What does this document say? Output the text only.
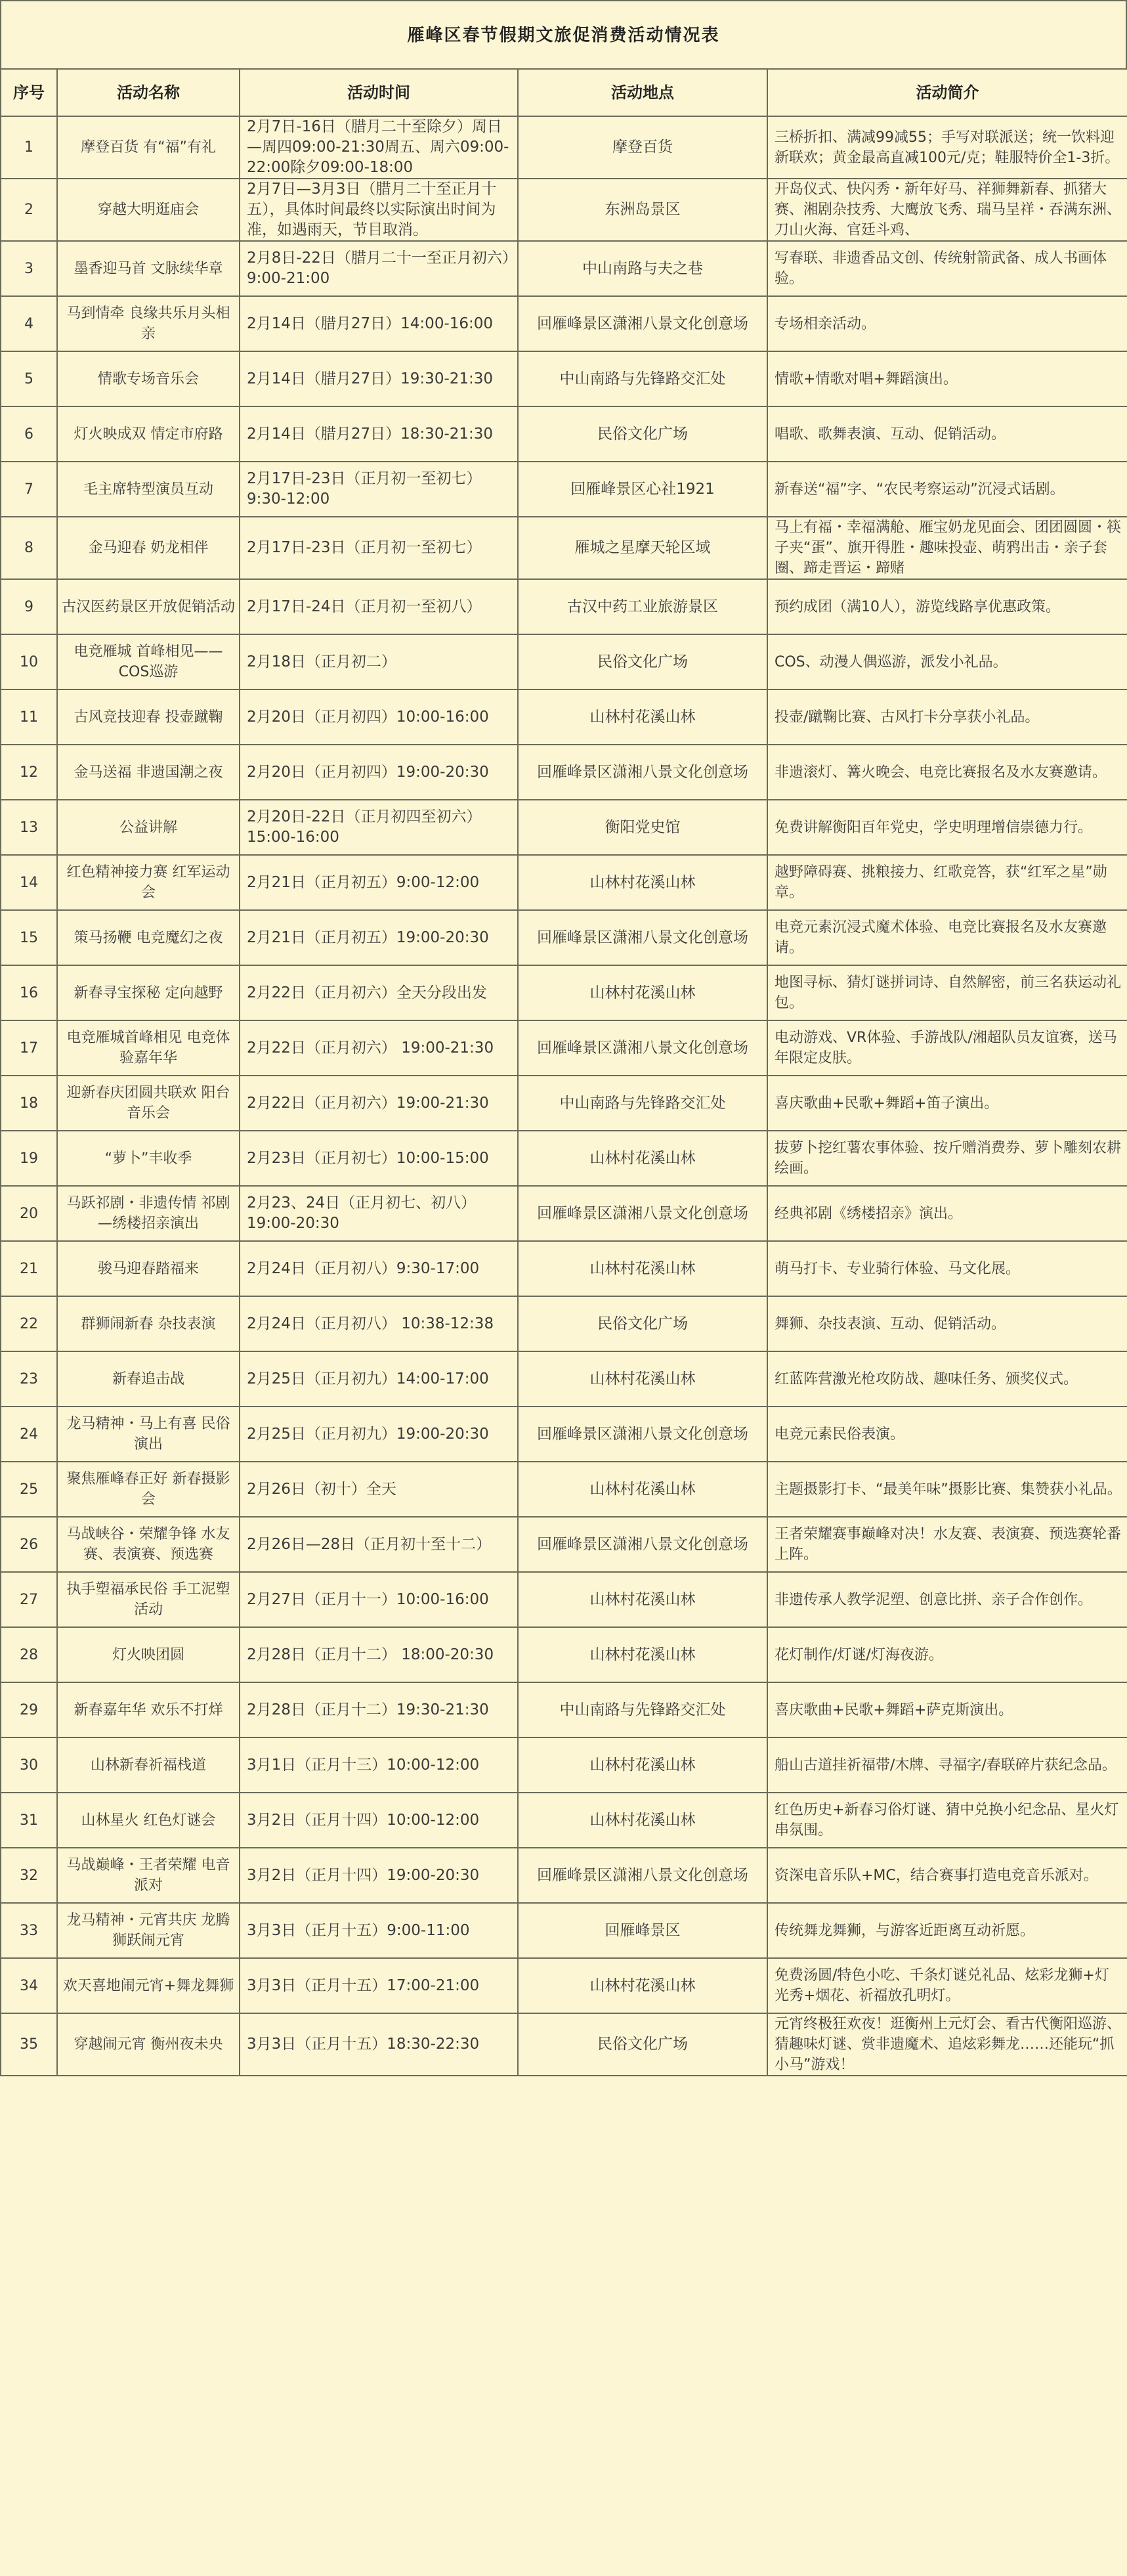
雁峰区春节假期文旅促消费活动情况表
序号	活动名称	活动时间	活动地点	活动简介
1	摩登百货 有“福”有礼	2月7日-16日（腊月二十至除夕）周日—周四09:00-21:30周五、周六09:00-22:00除夕09:00-18:00	摩登百货	三桥折扣、满减99减55；手写对联派送；统一饮料迎新联欢；黄金最高直减100元/克；鞋服特价全1-3折。
2	穿越大明逛庙会	2月7日—3月3日（腊月二十至正月十五），具体时间最终以实际演出时间为准，如遇雨天，节目取消。	东洲岛景区	开岛仪式、快闪秀・新年好马、祥狮舞新春、抓猪大赛、湘剧杂技秀、大鹰放飞秀、瑞马呈祥・吞满东洲、刀山火海、官廷斗鸡、
3	墨香迎马首 文脉续华章	2月8日-22日（腊月二十一至正月初六）9:00-21:00	中山南路与夫之巷	写春联、非遗香品文创、传统射箭武备、成人书画体验。
4	马到情牵 良缘共乐月头相亲	2月14日（腊月27日）14:00-16:00	回雁峰景区潇湘八景文化创意场	专场相亲活动。
5	情歌专场音乐会	2月14日（腊月27日）19:30-21:30	中山南路与先锋路交汇处	情歌+情歌对唱+舞蹈演出。
6	灯火映成双 情定市府路	2月14日（腊月27日）18:30-21:30	民俗文化广场	唱歌、歌舞表演、互动、促销活动。
7	毛主席特型演员互动	2月17日-23日（正月初一至初七）9:30-12:00	回雁峰景区心社1921	新春送“福”字、“农民考察运动”沉浸式话剧。
8	金马迎春 奶龙相伴	2月17日-23日（正月初一至初七）	雁城之星摩天轮区域	马上有福・幸福满舱、雁宝奶龙见面会、团团圆圆・筷子夹“蛋”、旗开得胜・趣味投壶、萌鸦出击・亲子套圈、蹄走晋运・蹄赌
9	古汉医药景区开放促销活动	2月17日-24日（正月初一至初八）	古汉中药工业旅游景区	预约成团（满10人），游览线路享优惠政策。
10	电竞雁城 首峰相见——COS巡游	2月18日（正月初二）	民俗文化广场	COS、动漫人偶巡游，派发小礼品。
11	古风竞技迎春 投壶蹴鞠	2月20日（正月初四）10:00-16:00	山林村花溪山林	投壶/蹴鞠比赛、古风打卡分享获小礼品。
12	金马送福 非遗国潮之夜	2月20日（正月初四）19:00-20:30	回雁峰景区潇湘八景文化创意场	非遗滚灯、篝火晚会、电竞比赛报名及水友赛邀请。
13	公益讲解	2月20日-22日（正月初四至初六）15:00-16:00	衡阳党史馆	免费讲解衡阳百年党史，学史明理增信崇德力行。
14	红色精神接力赛 红军运动会	2月21日（正月初五）9:00-12:00	山林村花溪山林	越野障碍赛、挑粮接力、红歌竞答，获“红军之星”勋章。
15	策马扬鞭 电竞魔幻之夜	2月21日（正月初五）19:00-20:30	回雁峰景区潇湘八景文化创意场	电竞元素沉浸式魔术体验、电竞比赛报名及水友赛邀请。
16	新春寻宝探秘 定向越野	2月22日（正月初六）全天分段出发	山林村花溪山林	地图寻标、猜灯谜拼词诗、自然解密，前三名获运动礼包。
17	电竞雁城首峰相见 电竞体验嘉年华	2月22日（正月初六） 19:00-21:30	回雁峰景区潇湘八景文化创意场	电动游戏、VR体验、手游战队/湘超队员友谊赛，送马年限定皮肤。
18	迎新春庆团圆共联欢 阳台音乐会	2月22日（正月初六）19:00-21:30	中山南路与先锋路交汇处	喜庆歌曲+民歌+舞蹈+笛子演出。
19	“萝卜”丰收季	2月23日（正月初七）10:00-15:00	山林村花溪山林	拔萝卜挖红薯农事体验、按斤赠消费券、萝卜雕刻农耕绘画。
20	马跃祁剧・非遗传情 祁剧—绣楼招亲演出	2月23、24日（正月初七、初八）19:00-20:30	回雁峰景区潇湘八景文化创意场	经典祁剧《绣楼招亲》演出。
21	骏马迎春踏福来	2月24日（正月初八）9:30-17:00	山林村花溪山林	萌马打卡、专业骑行体验、马文化展。
22	群狮闹新春 杂技表演	2月24日（正月初八） 10:38-12:38	民俗文化广场	舞狮、杂技表演、互动、促销活动。
23	新春追击战	2月25日（正月初九）14:00-17:00	山林村花溪山林	红蓝阵营激光枪攻防战、趣味任务、颁奖仪式。
24	龙马精神・马上有喜 民俗演出	2月25日（正月初九）19:00-20:30	回雁峰景区潇湘八景文化创意场	电竞元素民俗表演。
25	聚焦雁峰春正好 新春摄影会	2月26日（初十）全天	山林村花溪山林	主题摄影打卡、“最美年味”摄影比赛、集赞获小礼品。
26	马战峡谷・荣耀争锋 水友赛、表演赛、预选赛	2月26日—28日（正月初十至十二）	回雁峰景区潇湘八景文化创意场	王者荣耀赛事巅峰对决！水友赛、表演赛、预选赛轮番上阵。
27	执手塑福承民俗 手工泥塑活动	2月27日（正月十一）10:00-16:00	山林村花溪山林	非遗传承人教学泥塑、创意比拼、亲子合作创作。
28	灯火映团圆	2月28日（正月十二） 18:00-20:30	山林村花溪山林	花灯制作/灯谜/灯海夜游。
29	新春嘉年华 欢乐不打烊	2月28日（正月十二）19:30-21:30	中山南路与先锋路交汇处	喜庆歌曲+民歌+舞蹈+萨克斯演出。
30	山林新春祈福栈道	3月1日（正月十三）10:00-12:00	山林村花溪山林	船山古道挂祈福带/木牌、寻福字/春联碎片获纪念品。
31	山林星火 红色灯谜会	3月2日（正月十四）10:00-12:00	山林村花溪山林	红色历史+新春习俗灯谜、猜中兑换小纪念品、星火灯串氛围。
32	马战巅峰・王者荣耀 电音派对	3月2日（正月十四）19:00-20:30	回雁峰景区潇湘八景文化创意场	资深电音乐队+MC，结合赛事打造电竞音乐派对。
33	龙马精神・元宵共庆 龙腾狮跃闹元宵	3月3日（正月十五）9:00-11:00	回雁峰景区	传统舞龙舞狮，与游客近距离互动祈愿。
34	欢天喜地闹元宵+舞龙舞狮	3月3日（正月十五）17:00-21:00	山林村花溪山林	免费汤圆/特色小吃、千条灯谜兑礼品、炫彩龙狮+灯光秀+烟花、祈福放孔明灯。
35	穿越闹元宵 衡州夜未央	3月3日（正月十五）18:30-22:30	民俗文化广场	元宵终极狂欢夜！逛衡州上元灯会、看古代衡阳巡游、猜趣味灯谜、赏非遗魔术、追炫彩舞龙……还能玩“抓小马”游戏！
